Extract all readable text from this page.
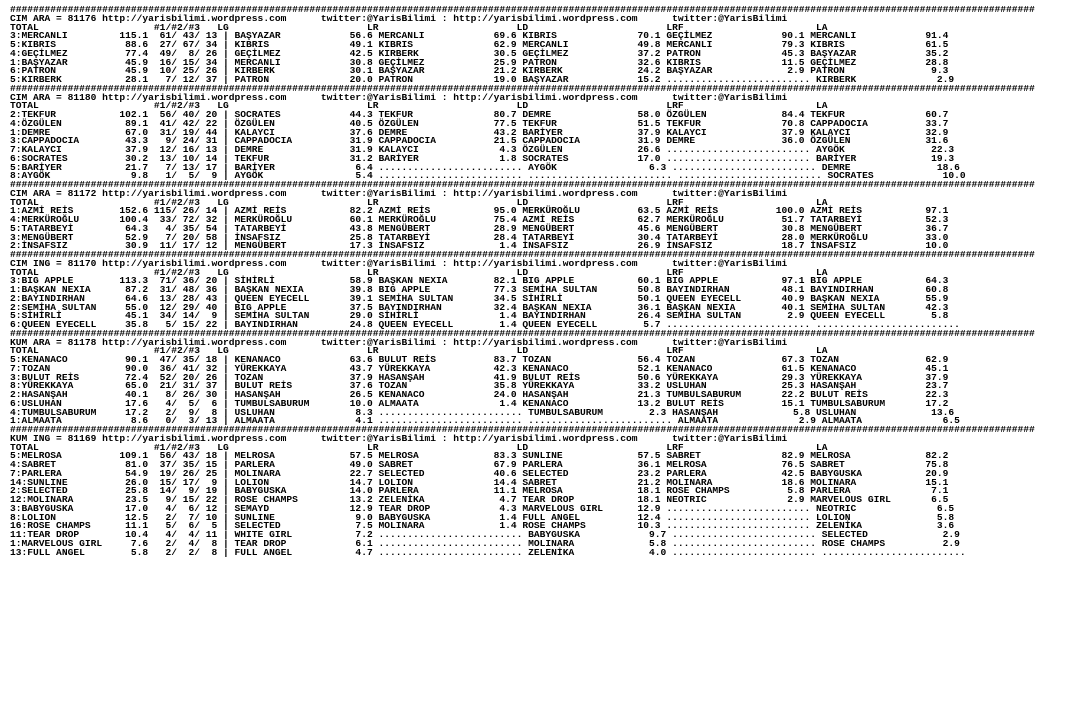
##################################################################################################################################################################################
CIM ARA = 81176 http://yarisbilimi.wordpress.com      twitter:@YarisBilimi : http://yarisbilimi.wordpress.com      twitter:@YarisBilimi
TOTAL                    #1/#2/#3   LG                        LR                        LD                        LRF                       LA
3:MERCANLI         115.1  61/ 43/ 13 | BAŞYAZAR            56.6 MERCANLI            69.6 KIBRIS              70.1 GEÇİLMEZ            90.1 MERCANLI            91.4
5:KIBRIS            88.6  27/ 67/ 34 | KIBRIS              49.1 KIBRIS              62.9 MERCANLI            49.8 MERCANLI            79.3 KIBRIS              61.5
4:GEÇİLMEZ          77.4  49/  8/ 26 | GEÇİLMEZ            42.5 KIRBERK             30.5 GEÇİLMEZ            37.2 PATRON              45.3 BAŞYAZAR            35.2
1:BAŞYAZAR          45.9  16/ 15/ 34 | MERCANLI            30.8 GEÇİLMEZ            25.9 PATRON              32.6 KIBRIS              11.5 GEÇİLMEZ            28.8
6:PATRON            45.9  10/ 25/ 26 | KIRBERK             30.1 BAŞYAZAR            21.2 KIRBERK             24.2 BAŞYAZAR             2.9 PATRON               9.3
5:KIRBERK           28.1   7/ 12/ 37 | PATRON              20.0 PATRON              19.0 BAŞYAZAR            15.2 ......................... KIRBERK              2.9
##################################################################################################################################################################################
CIM ARA = 81180 http://yarisbilimi.wordpress.com      twitter:@YarisBilimi : http://yarisbilimi.wordpress.com      twitter:@YarisBilimi
TOTAL                    #1/#2/#3   LG                        LR                        LD                        LRF                       LA
2:TEKFUR           102.1  56/ 40/ 20 | SOCRATES            44.3 TEKFUR              80.7 DEMRE               58.0 ÖZGÜLEN             84.4 TEKFUR              60.7
4:ÖZGÜLEN           89.1  41/ 42/ 22 | ÖZGÜLEN             40.5 ÖZGÜLEN             77.5 TEKFUR              51.5 TEKFUR              70.8 CAPPADOCIA          33.7
1:DEMRE             67.0  31/ 19/ 44 | KALAYCI             37.6 DEMRE               43.2 BARİYER             37.9 KALAYCI             37.9 KALAYCI             32.9
3:CAPPADOCIA        43.3   9/ 24/ 31 | CAPPADOCIA          31.9 CAPPADOCIA          21.5 CAPPADOCIA          31.9 DEMRE               36.0 ÖZGÜLEN             31.6
7:KALAYCI           37.9  12/ 16/ 13 | DEMRE               31.9 KALAYCI              4.3 ÖZGÜLEN             26.6 ......................... AYGÖK               22.3
6:SOCRATES          30.2  13/ 10/ 14 | TEKFUR              31.2 BARİYER              1.8 SOCRATES            17.0 ......................... BARİYER             19.3
5:BARİYER           21.7   7/ 13/ 17 | BARİYER              6.4 ......................... AYGÖK                6.3 ......................... DEMRE               18.6
8:AYGÖK              9.8   1/  5/  9 | AYGÖK                5.4 ......................... ......................... ......................... SOCRATES            10.0
##################################################################################################################################################################################
CIM ARA = 81172 http://yarisbilimi.wordpress.com      twitter:@YarisBilimi : http://yarisbilimi.wordpress.com      twitter:@YarisBilimi
TOTAL                    #1/#2/#3   LG                        LR                        LD                        LRF                       LA
1:AZMİ REİS        152.6 115/ 26/ 14 | AZMİ REİS           82.2 AZMİ REİS           95.0 MERKÜROĞLU          63.5 AZMİ REİS          100.0 AZMİ REİS           97.1
4:MERKÜROĞLU       100.4  33/ 72/ 32 | MERKÜROĞLU          60.1 MERKÜROĞLU          75.4 AZMİ REİS           62.7 MERKÜROĞLU          51.7 TATARBEYİ           52.3
5:TATARBEYİ         64.3   4/ 35/ 54 | TATARBEYİ           43.8 MENGÜBERT           28.9 MENGÜBERT           45.6 MENGÜBERT           30.8 MENGÜBERT           36.7
3:MENGÜBERT         52.9   7/ 20/ 58 | İNSAFSIZ            25.8 TATARBEYİ           28.4 TATARBEYİ           30.4 TATARBEYİ           28.0 MERKÜROĞLU          33.0
2:İNSAFSIZ          30.9  11/ 17/ 12 | MENGÜBERT           17.3 İNSAFSIZ             1.4 İNSAFSIZ            26.9 İNSAFSIZ            18.7 İNSAFSIZ            10.0
##################################################################################################################################################################################
CIM ING = 81170 http://yarisbilimi.wordpress.com      twitter:@YarisBilimi : http://yarisbilimi.wordpress.com      twitter:@YarisBilimi
TOTAL                    #1/#2/#3   LG                        LR                        LD                        LRF                       LA
3:BIG APPLE        113.3  71/ 36/ 20 | SİHİRLİ             58.9 BAŞKAN NEXIA        82.1 BIG APPLE           60.1 BIG APPLE           97.1 BIG APPLE           64.3
1:BAŞKAN NEXIA      87.2  31/ 48/ 36 | BAŞKAN NEXIA        39.8 BIG APPLE           77.3 SEMİHA SULTAN       50.8 BAYINDIRHAN         48.1 BAYINDIRHAN         60.8
2:BAYINDIRHAN       64.6  13/ 28/ 43 | QUEEN EYECELL       39.1 SEMİHA SULTAN       34.5 SİHİRLİ             50.1 QUEEN EYECELL       40.9 BAŞKAN NEXIA        55.9
2:SEMİHA SULTAN     55.0  12/ 29/ 40 | BIG APPLE           37.5 BAYINDIRHAN         32.4 BAŞKAN NEXIA        36.1 BAŞKAN NEXIA        40.1 SEMİHA SULTAN       42.3
5:SİHİRLİ           45.1  34/ 14/  9 | SEMİHA SULTAN       29.0 SİHİRLİ              1.4 BAYINDIRHAN         26.4 SEMİHA SULTAN        2.9 QUEEN EYECELL        5.8
6:QUEEN EYECELL     35.8   5/ 15/ 22 | BAYINDIRHAN         24.8 QUEEN EYECELL        1.4 QUEEN EYECELL        5.7 ......................... .........................
##################################################################################################################################################################################
KUM ARA = 81178 http://yarisbilimi.wordpress.com      twitter:@YarisBilimi : http://yarisbilimi.wordpress.com      twitter:@YarisBilimi
TOTAL                    #1/#2/#3   LG                        LR                        LD                        LRF                       LA
5:KENANACO          90.1  47/ 35/ 18 | KENANACO            63.6 BULUT REİS          83.7 TOZAN               56.4 TOZAN               67.3 TOZAN               62.9
7:TOZAN             90.0  36/ 41/ 32 | YÜREKKAYA           43.7 YÜREKKAYA           42.3 KENANACO            52.1 KENANACO            61.5 KENANACO            45.1
3:BULUT REİS        72.4  52/ 20/ 26 | TOZAN               37.9 HASANŞAH            41.9 BULUT REİS          50.6 YÜREKKAYA           29.3 YÜREKKAYA           37.9
8:YÜREKKAYA         65.0  21/ 31/ 37 | BULUT REİS          37.6 TOZAN               35.8 YÜREKKAYA           33.2 USLUHAN             25.3 HASANŞAH            23.7
2:HASANŞAH          40.1   8/ 26/ 30 | HASANŞAH            26.5 KENANACO            24.0 HASANŞAH            21.3 TUMBULSABURUM       22.2 BULUT REİS          22.3
6:USLUHAN           17.6   4/  5/  6 | TUMBULSABURUM       10.0 ALMAATA              1.4 KENANACO            13.2 BULUT REİS          15.1 TUMBULSABURUM       17.2
4:TUMBULSABURUM     17.2   2/  9/  8 | USLUHAN              8.3 ......................... TUMBULSABURUM        2.3 HASANŞAH             5.8 USLUHAN             13.6
1:ALMAATA            8.6   0/  3/ 13 | ALMAATA              4.1 ......................... ......................... ALMAATA              2.9 ALMAATA              6.5
##################################################################################################################################################################################
KUM ING = 81169 http://yarisbilimi.wordpress.com      twitter:@YarisBilimi : http://yarisbilimi.wordpress.com      twitter:@YarisBilimi
TOTAL                    #1/#2/#3   LG                        LR                        LD                        LRF                       LA
5:MELROSA          109.1  56/ 43/ 18 | MELROSA             57.5 MELROSA             83.3 SUNLINE             57.5 SABRET              82.9 MELROSA             82.2
4:SABRET            81.0  37/ 35/ 15 | PARLERA             49.0 SABRET              67.9 PARLERA             36.1 MELROSA             76.5 SABRET              75.8
7:PARLERA           54.9  19/ 26/ 25 | MOLINARA            22.7 SELECTED            40.6 SELECTED            23.2 PARLERA             42.5 BABYGUSKA           20.9
14:SUNLINE          26.0  15/ 17/  9 | LOLION              14.7 LOLION              14.4 SABRET              21.2 MOLINARA            18.6 MOLINARA            15.1
2:SELECTED          25.8  14/  9/ 19 | BABYGUSKA           14.0 PARLERA             11.1 MELROSA             18.1 ROSE CHAMPS          5.8 PARLERA              7.1
12:MOLINARA         23.5   9/ 15/ 22 | ROSE CHAMPS         13.2 ZELENİKA             4.7 TEAR DROP           18.1 NEOTRIC              2.9 MARVELOUS GIRL       6.5
3:BABYGUSKA         17.0   4/  6/ 12 | SEMAYD              12.9 TEAR DROP            4.3 MARVELOUS GIRL      12.9 ......................... NEOTRIC              6.5
8:LOLION            12.5   2/  7/ 10 | SUNLINE              9.0 BABYGUSKA            1.4 FULL ANGEL          12.4 ......................... LOLION               5.8
16:ROSE CHAMPS      11.1   5/  6/  5 | SELECTED             7.5 MOLINARA             1.4 ROSE CHAMPS         10.3 ......................... ZELENİKA             3.6
11:TEAR DROP        10.4   4/  4/ 11 | WHITE GIRL           7.2 ......................... BABYGUSKA            9.7 ......................... SELECTED             2.9
1:MARVELOUS GIRL     7.6   2/  4/  8 | TEAR DROP            6.1 ......................... MOLINARA             5.8 ......................... ROSE CHAMPS          2.9
13:FULL ANGEL        5.8   2/  2/  8 | FULL ANGEL           4.7 ......................... ZELENİKA             4.0 ......................... .........................
